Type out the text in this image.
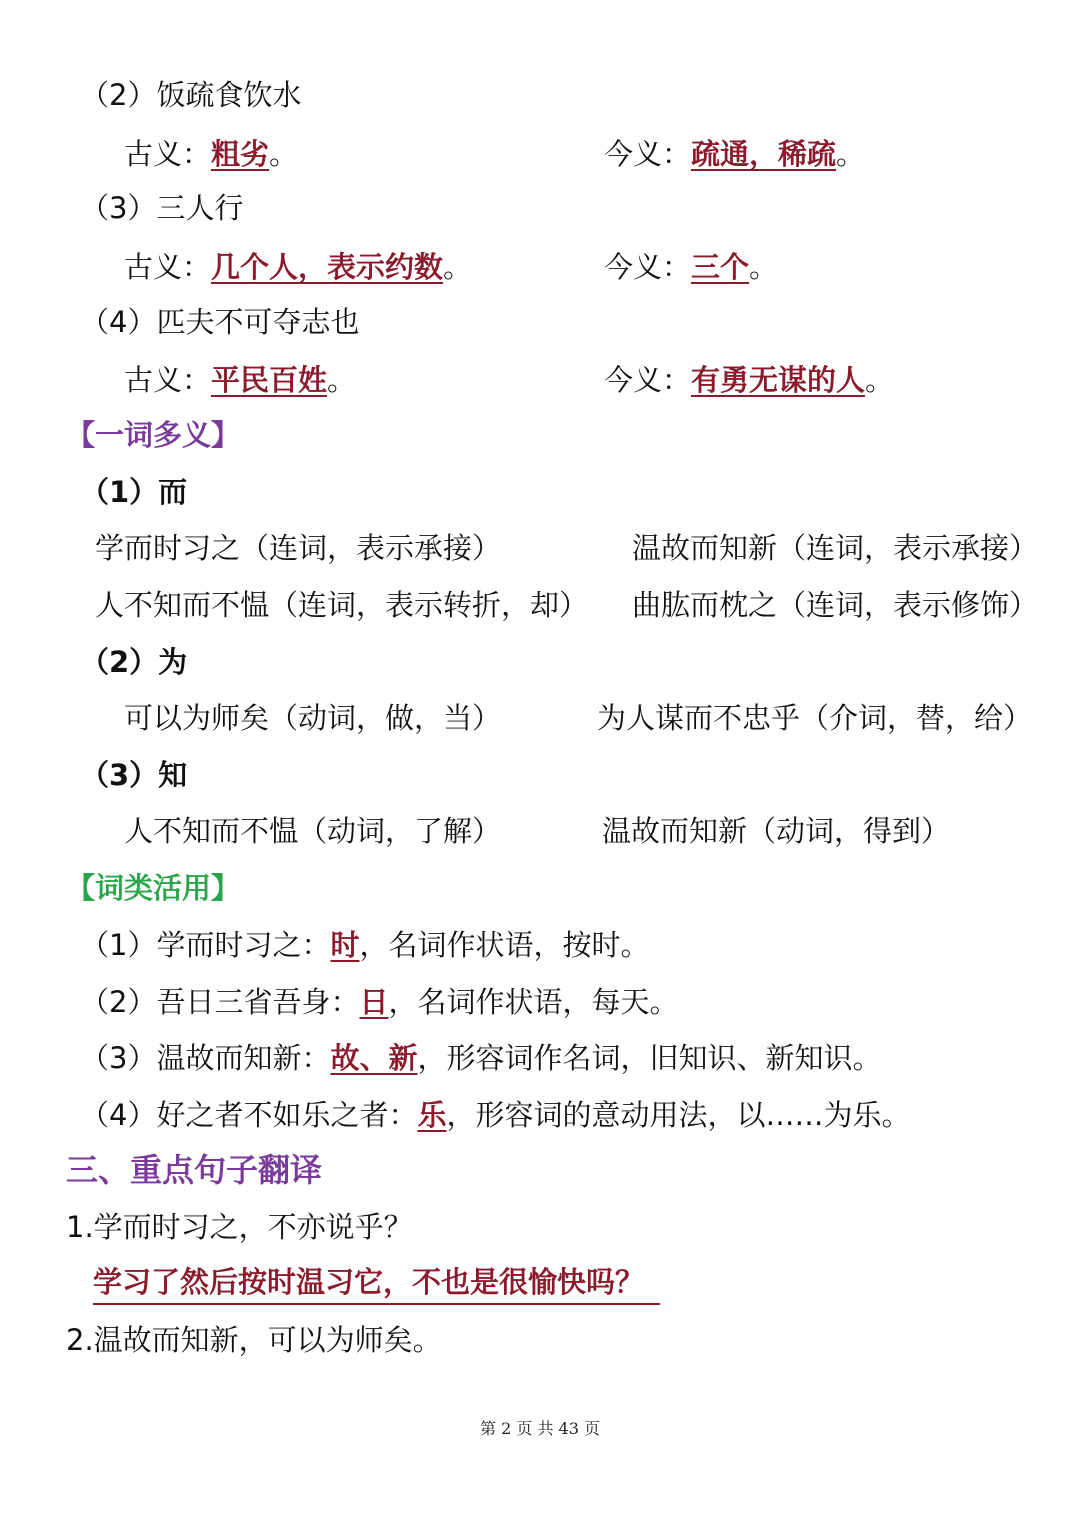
（2）饭疏食饮水
古义：粗劣。	今义：疏通，稀疏。
（3）三人行
古义：几个人，表示约数。	今义：三个。
（4）匹夫不可夺志也
古义：平民百姓。	今义：有勇无谋的人。
【一词多义】
（1）而
学而时习之（连词，表示承接）	温故而知新（连词，表示承接）
人不知而不愠（连词，表示转折，却） 曲肱而枕之（连词，表示修饰）
（2）为
可以为师矣（动词，做，当）	为人谋而不忠乎（介词，替，给）
（3）知
人不知而不愠（动词，了解）	温故而知新（动词，得到）
【词类活用】
（1）学而时习之：时，名词作状语，按时。
（2）吾日三省吾身：日，名词作状语，每天。
（3）温故而知新：故、新，形容词作名词，旧知识、新知识。
（4）好之者不如乐之者：乐，形容词的意动用法，以……为乐。
三、重点句子翻译
1.学而时习之，不亦说乎？
学习了然后按时温习它，不也是很愉快吗？
2.温故而知新，可以为师矣。
第 2 页 共 43 页
